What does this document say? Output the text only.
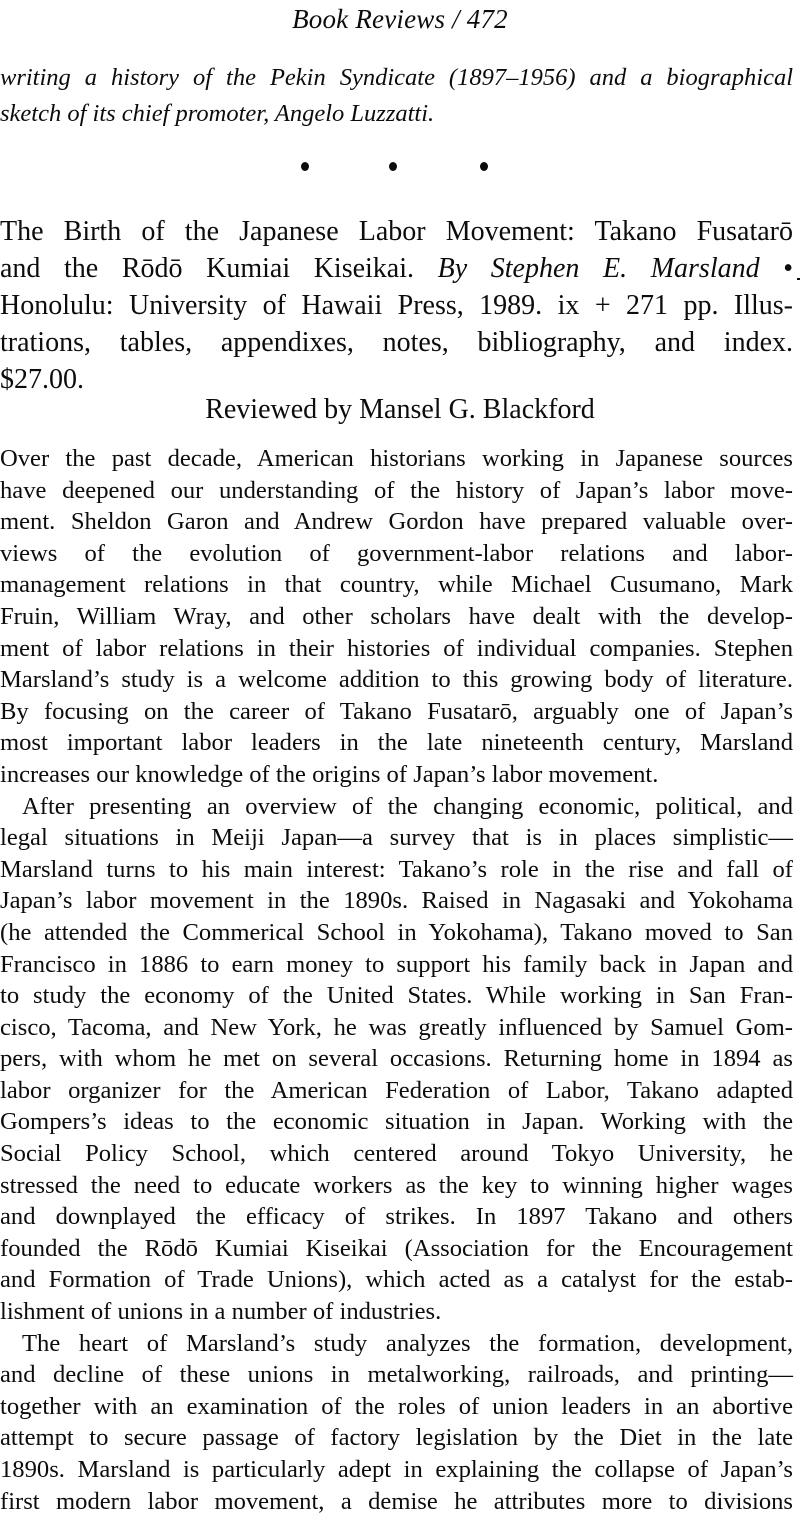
Book Reviews / 472
writing a history of the Pekin Syndicate (1897–1956) and a biographical
sketch of its chief promoter, Angelo Luzzatti.
The Birth of the Japanese Labor Movement: Takano Fusatarō
and the Rōdō Kumiai Kiseikai. By Stephen E. Marsland •
Honolulu: University of Hawaii Press, 1989. ix + 271 pp. Illus-
trations, tables, appendixes, notes, bibliography, and index.
$27.00.
Reviewed by Mansel G. Blackford
Over the past decade, American historians working in Japanese sources
have deepened our understanding of the history of Japan’s labor move-
ment. Sheldon Garon and Andrew Gordon have prepared valuable over-
views of the evolution of government-labor relations and labor-
management relations in that country, while Michael Cusumano, Mark
Fruin, William Wray, and other scholars have dealt with the develop-
ment of labor relations in their histories of individual companies. Stephen
Marsland’s study is a welcome addition to this growing body of literature.
By focusing on the career of Takano Fusatarō, arguably one of Japan’s
most important labor leaders in the late nineteenth century, Marsland
increases our knowledge of the origins of Japan’s labor movement.
After presenting an overview of the changing economic, political, and
legal situations in Meiji Japan—a survey that is in places simplistic—
Marsland turns to his main interest: Takano’s role in the rise and fall of
Japan’s labor movement in the 1890s. Raised in Nagasaki and Yokohama
(he attended the Commerical School in Yokohama), Takano moved to San
Francisco in 1886 to earn money to support his family back in Japan and
to study the economy of the United States. While working in San Fran-
cisco, Tacoma, and New York, he was greatly influenced by Samuel Gom-
pers, with whom he met on several occasions. Returning home in 1894 as
labor organizer for the American Federation of Labor, Takano adapted
Gompers’s ideas to the economic situation in Japan. Working with the
Social Policy School, which centered around Tokyo University, he
stressed the need to educate workers as the key to winning higher wages
and downplayed the efficacy of strikes. In 1897 Takano and others
founded the Rōdō Kumiai Kiseikai (Association for the Encouragement
and Formation of Trade Unions), which acted as a catalyst for the estab-
lishment of unions in a number of industries.
The heart of Marsland’s study analyzes the formation, development,
and decline of these unions in metalworking, railroads, and printing—
together with an examination of the roles of union leaders in an abortive
attempt to secure passage of factory legislation by the Diet in the late
1890s. Marsland is particularly adept in explaining the collapse of Japan’s
first modern labor movement, a demise he attributes more to divisions
